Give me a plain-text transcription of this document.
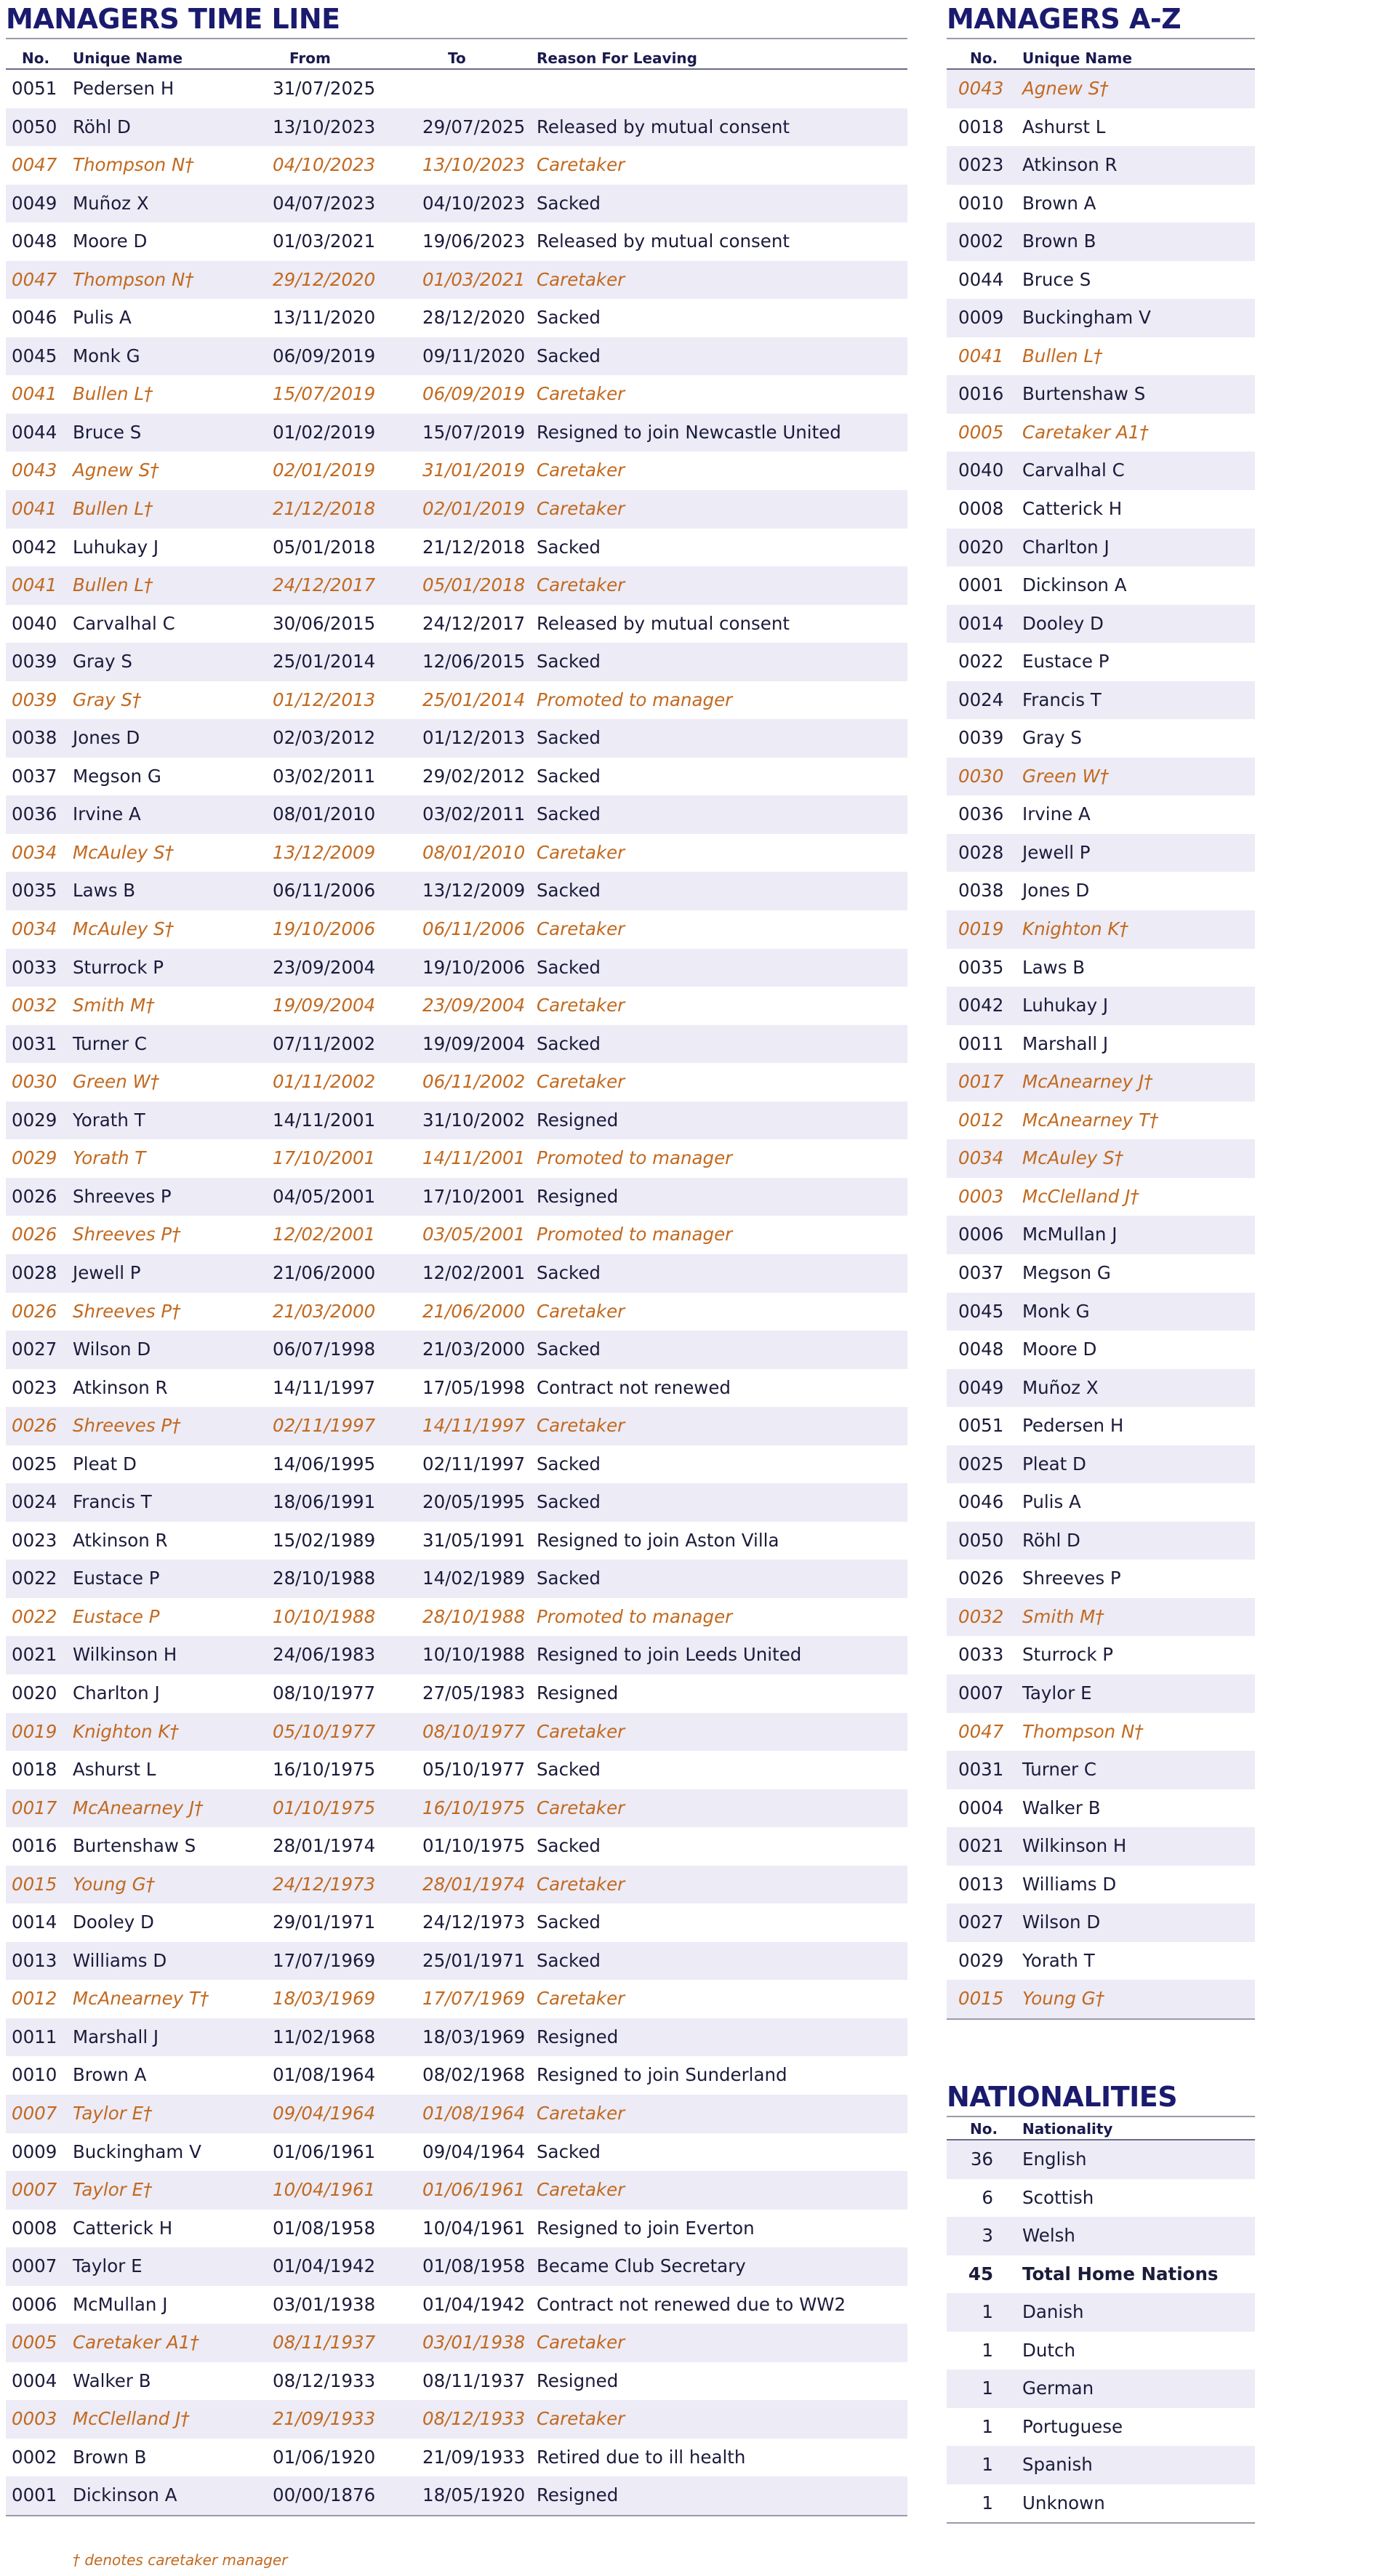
MANAGERS TIME LINE
No. Unique Name	From	To	Reason For Leaving
0051 Pedersen H	31/07/2025
0050 Röhl D	13/10/2023	29/07/2025 Released by mutual consent
0047 Thompson N†	04/10/2023	13/10/2023 Caretaker
0049 Muñoz X	04/07/2023	04/10/2023 Sacked
0048 Moore D	01/03/2021	19/06/2023 Released by mutual consent
0047 Thompson N†	29/12/2020	01/03/2021 Caretaker
0046 Pulis A	13/11/2020	28/12/2020 Sacked
0045 Monk G	06/09/2019	09/11/2020 Sacked
0041 Bullen L†	15/07/2019	06/09/2019 Caretaker
0044 Bruce S	01/02/2019	15/07/2019 Resigned to join Newcastle United
0043 Agnew S†	02/01/2019	31/01/2019 Caretaker
0041 Bullen L†	21/12/2018	02/01/2019 Caretaker
0042 Luhukay J	05/01/2018	21/12/2018 Sacked
0041 Bullen L†	24/12/2017	05/01/2018 Caretaker
0040 Carvalhal C	30/06/2015	24/12/2017 Released by mutual consent
0039 Gray S	25/01/2014	12/06/2015 Sacked
0039 Gray S†	01/12/2013	25/01/2014 Promoted to manager
0038 Jones D	02/03/2012	01/12/2013 Sacked
0037 Megson G	03/02/2011	29/02/2012 Sacked
0036 Irvine A	08/01/2010	03/02/2011 Sacked
0034 McAuley S†	13/12/2009	08/01/2010 Caretaker
0035 Laws B	06/11/2006	13/12/2009 Sacked
0034 McAuley S†	19/10/2006	06/11/2006 Caretaker
0033 Sturrock P	23/09/2004	19/10/2006 Sacked
0032 Smith M†	19/09/2004	23/09/2004 Caretaker
0031 Turner C	07/11/2002	19/09/2004 Sacked
0030 Green W†	01/11/2002	06/11/2002 Caretaker
0029 Yorath T	14/11/2001	31/10/2002 Resigned
0029 Yorath T	17/10/2001	14/11/2001 Promoted to manager
0026 Shreeves P	04/05/2001	17/10/2001 Resigned
0026 Shreeves P†	12/02/2001	03/05/2001 Promoted to manager
0028 Jewell P	21/06/2000	12/02/2001 Sacked
0026 Shreeves P†	21/03/2000	21/06/2000 Caretaker
0027 Wilson D	06/07/1998	21/03/2000 Sacked
0023 Atkinson R	14/11/1997	17/05/1998 Contract not renewed
0026 Shreeves P†	02/11/1997	14/11/1997 Caretaker
0025 Pleat D	14/06/1995	02/11/1997 Sacked
0024 Francis T	18/06/1991	20/05/1995 Sacked
0023 Atkinson R	15/02/1989	31/05/1991 Resigned to join Aston Villa
0022 Eustace P	28/10/1988	14/02/1989 Sacked
0022 Eustace P	10/10/1988	28/10/1988 Promoted to manager
0021 Wilkinson H	24/06/1983	10/10/1988 Resigned to join Leeds United
0020 Charlton J	08/10/1977	27/05/1983 Resigned
0019 Knighton K†	05/10/1977	08/10/1977 Caretaker
0018 Ashurst L	16/10/1975	05/10/1977 Sacked
0017 McAnearney J†	01/10/1975	16/10/1975 Caretaker
0016 Burtenshaw S	28/01/1974	01/10/1975 Sacked
0015 Young G†	24/12/1973	28/01/1974 Caretaker
0014 Dooley D	29/01/1971	24/12/1973 Sacked
0013 Williams D	17/07/1969	25/01/1971 Sacked
0012 McAnearney T†	18/03/1969	17/07/1969 Caretaker
0011 Marshall J	11/02/1968	18/03/1969 Resigned
0010 Brown A	01/08/1964	08/02/1968 Resigned to join Sunderland
0007 Taylor E†	09/04/1964	01/08/1964 Caretaker
0009 Buckingham V	01/06/1961	09/04/1964 Sacked
0007 Taylor E†	10/04/1961	01/06/1961 Caretaker
0008 Catterick H	01/08/1958	10/04/1961 Resigned to join Everton
0007 Taylor E	01/04/1942	01/08/1958 Became Club Secretary
0006 McMullan J	03/01/1938	01/04/1942 Contract not renewed due to WW2
0005 Caretaker A1†	08/11/1937	03/01/1938 Caretaker
0004 Walker B	08/12/1933	08/11/1937 Resigned
0003 McClelland J†	21/09/1933	08/12/1933 Caretaker
0002 Brown B	01/06/1920	21/09/1933 Retired due to ill health
0001 Dickinson A	00/00/1876	18/05/1920 Resigned
† denotes caretaker manager
MANAGERS A-Z
No. Unique Name
0043 Agnew S†
0018 Ashurst L
0023 Atkinson R
0010 Brown A
0002 Brown B
0044 Bruce S
0009 Buckingham V
0041 Bullen L†
0016 Burtenshaw S
0005 Caretaker A1†
0040 Carvalhal C
0008 Catterick H
0020 Charlton J
0001 Dickinson A
0014 Dooley D
0022 Eustace P
0024 Francis T
0039 Gray S
0030 Green W†
0036 Irvine A
0028 Jewell P
0038 Jones D
0019 Knighton K†
0035 Laws B
0042 Luhukay J
0011 Marshall J
0017 McAnearney J†
0012 McAnearney T†
0034 McAuley S†
0003 McClelland J†
0006 McMullan J
0037 Megson G
0045 Monk G
0048 Moore D
0049 Muñoz X
0051 Pedersen H
0025 Pleat D
0046 Pulis A
0050 Röhl D
0026 Shreeves P
0032 Smith M†
0033 Sturrock P
0007 Taylor E
0047 Thompson N†
0031 Turner C
0004 Walker B
0021 Wilkinson H
0013 Williams D
0027 Wilson D
0029 Yorath T
0015 Young G†
NATIONALITIES
No. Nationality
36 English
6 Scottish
3 Welsh
45 Total Home Nations
1 Danish
1 Dutch
1 German
1 Portuguese
1 Spanish
1 Unknown
